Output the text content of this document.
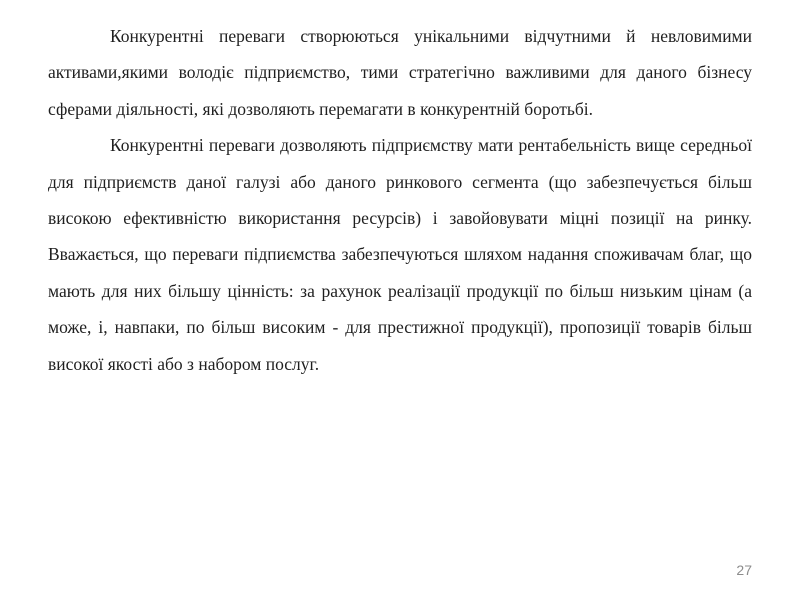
Конкурентні переваги створюються унікальними відчутними й невловимими активами,якими володіє підприємство, тими стратегічно важливими для даного бізнесу сферами діяльності, які дозволяють перемагати в конкурентній боротьбі.

Конкурентні переваги дозволяють підприємству мати рентабельність вище середньої для підприємств даної галузі або даного ринкового сегмента (що забезпечується більш високою ефективністю використання ресурсів) і завойовувати міцні позиції на ринку. Вважається, що переваги підпиємства забезпечуються шляхом надання споживачам благ, що мають для них більшу цінність: за рахунок реалізації продукції по більш низьким цінам (а може, і, навпаки, по більш високим - для престижної продукції), пропозиції товарів більш високої якості або з набором послуг.

27
